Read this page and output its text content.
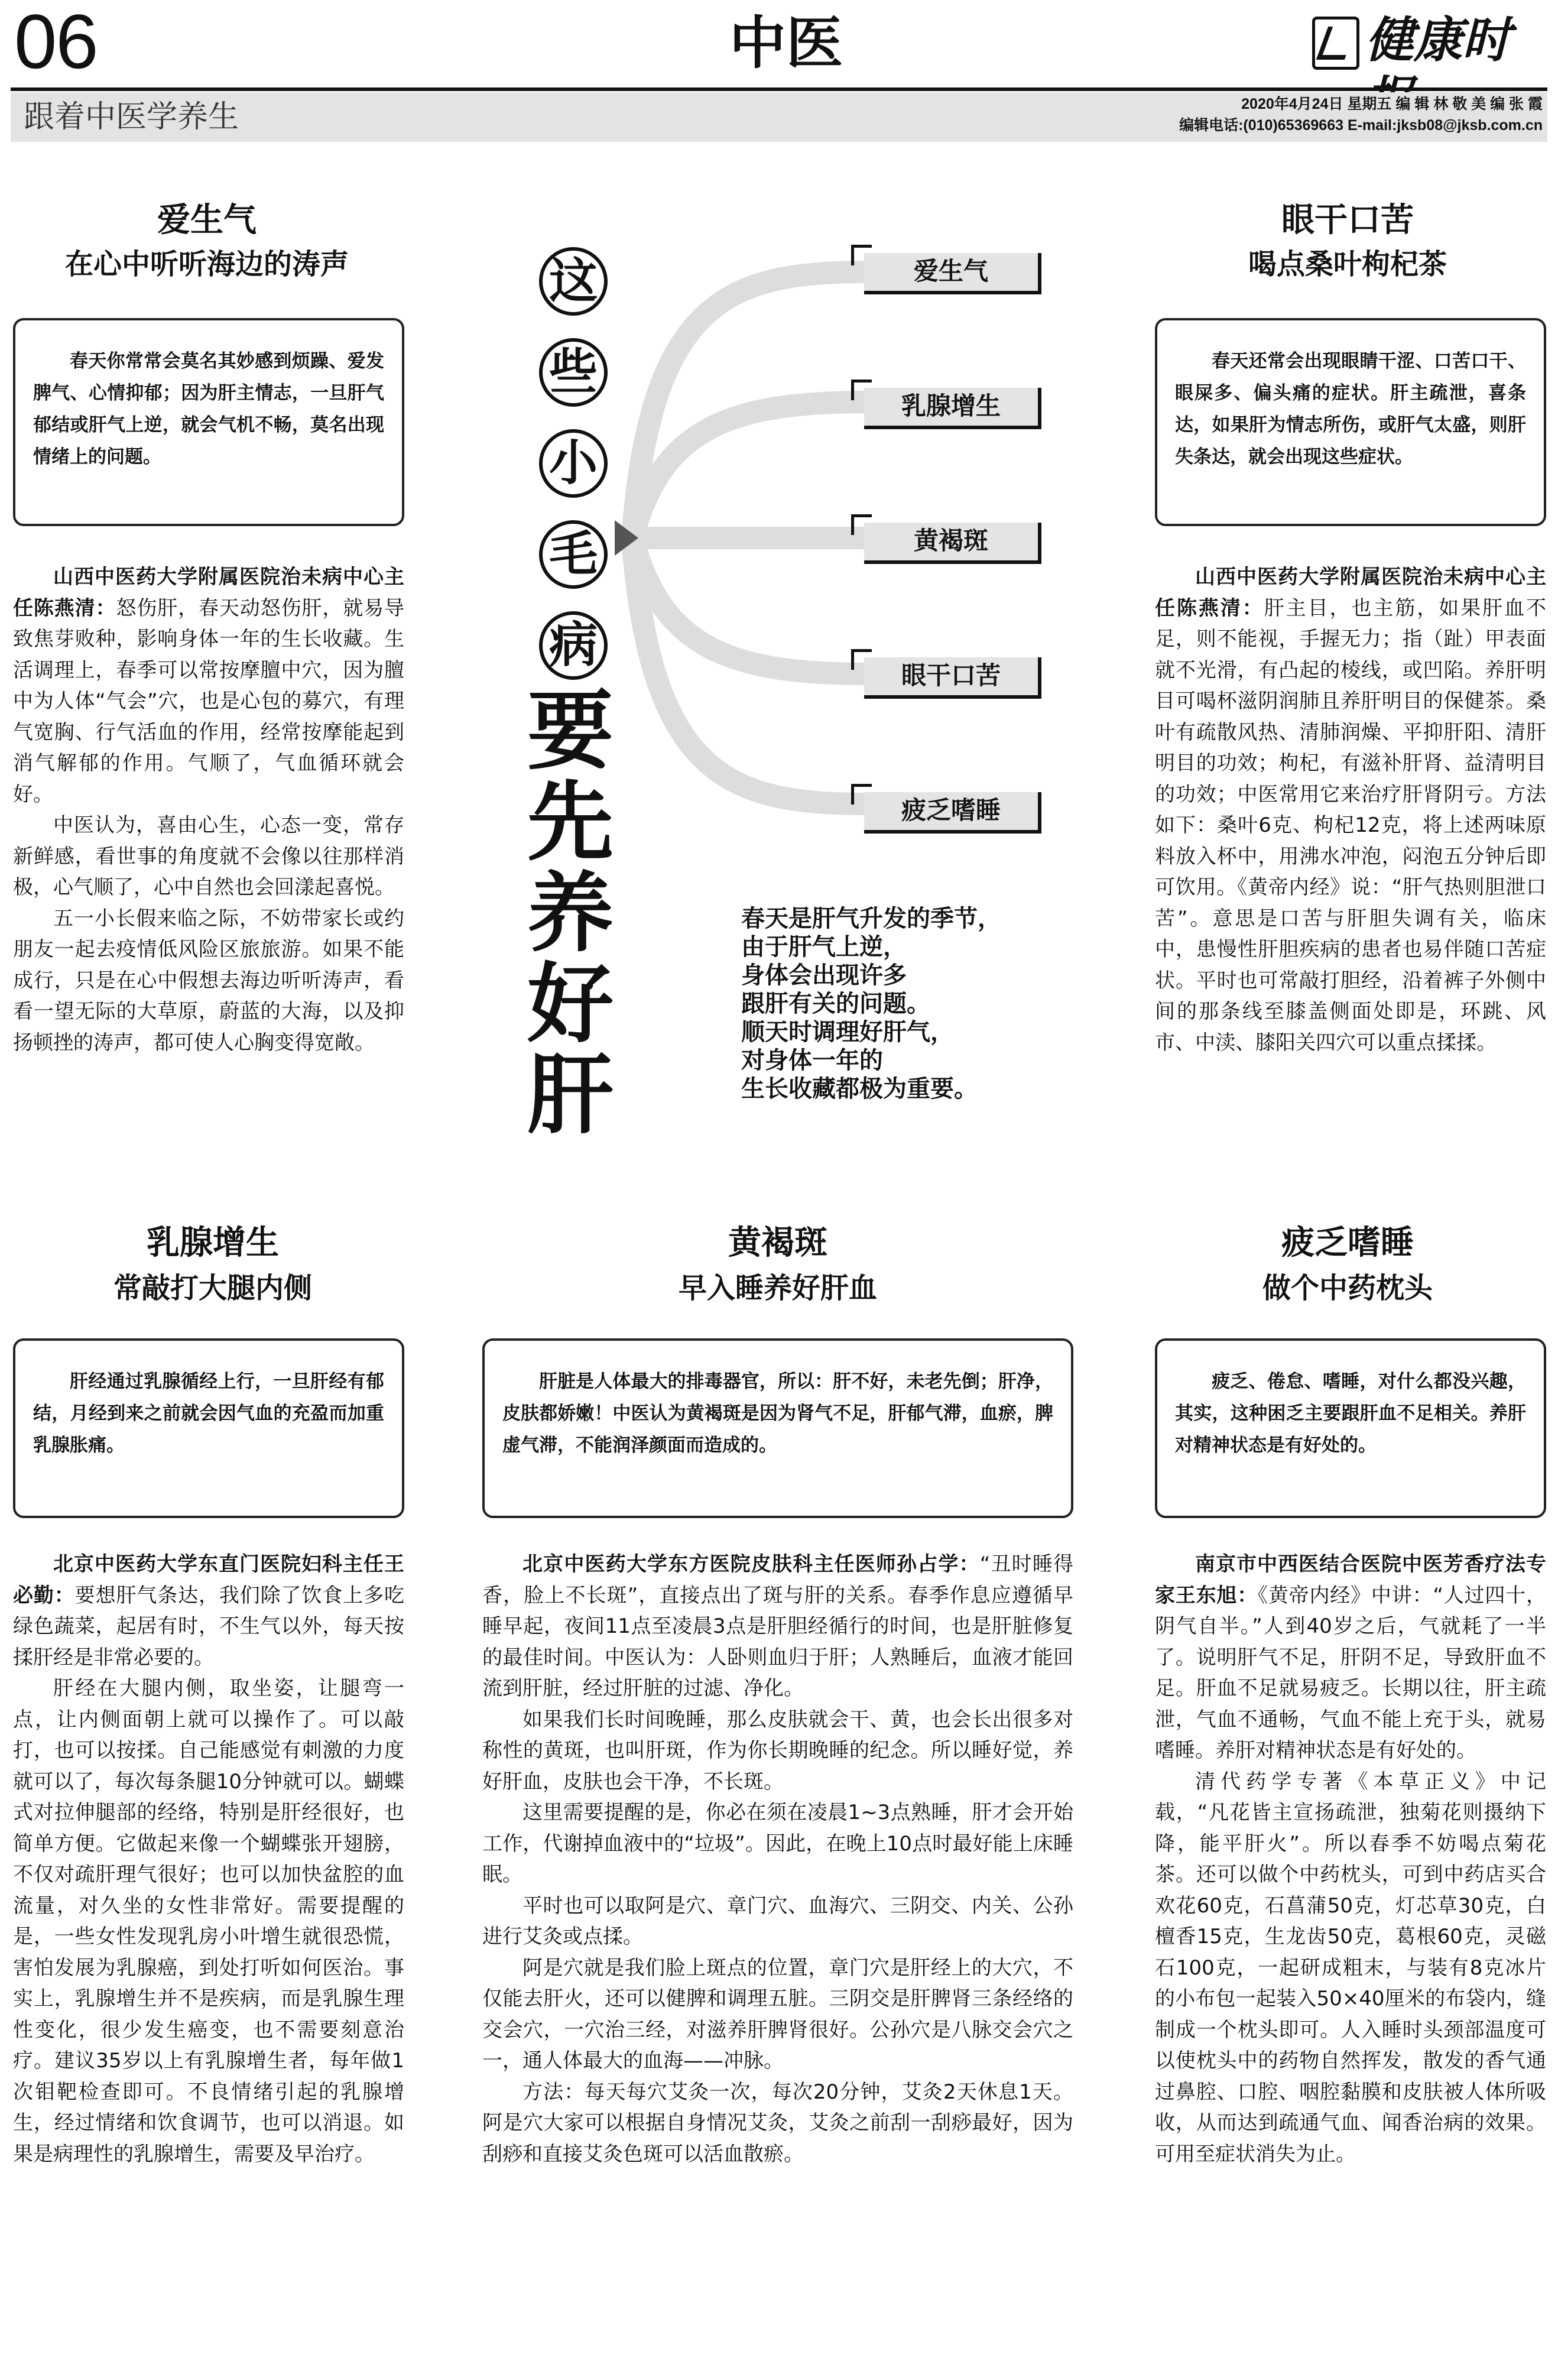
06	中医	健康时
跟着中医学养生	2020年4月24日 星期五 编 辑 林 敬 美 编 张 霞
编辑电话:(010)65369663 E-mail:jksb08@jksb.com.cn
爱生气
在心中听听海边的涛声
春天你常常会莫名其妙感到烦躁、爱发脾气、心情抑郁；因为肝主情志，一旦肝气郁结或肝气上逆，就会气机不畅，莫名出现情绪上的问题。

山西中医药大学附属医院治未病中心主任陈燕清：怒伤肝，春天动怒伤肝，就易导致焦芽败种，影响身体一年的生长收藏。生活调理上，春季可以常按摩膻中穴，因为膻中为人体“气会”穴，也是心包的募穴，有理气宽胸、行气活血的作用，经常按摩能起到消气解郁的作用。气顺了，气血循环就会好。

中医认为，喜由心生，心态一变，常存新鲜感，看世事的角度就不会像以往那样消极，心气顺了，心中自然也会回漾起喜悦。

五一小长假来临之际，不妨带家长或约朋友一起去疫情低风险区旅旅游。如果不能成行，只是在心中假想去海边听听涛声，看看一望无际的大草原，蔚蓝的大海，以及抑扬顿挫的涛声，都可使人心胸变得宽敞。

这
些
小
毛
病
要先养好肝
爱生气
乳腺增生
黄褐斑
眼干口苦
疲乏嗜睡
春天是肝气升发的季节，
由于肝气上逆，
身体会出现许多
跟肝有关的问题。
顺天时调理好肝气，
对身体一年的
生长收藏都极为重要。
眼干口苦
喝点桑叶枸杞茶
春天还常会出现眼睛干涩、口苦口干、眼屎多、偏头痛的症状。肝主疏泄，喜条达，如果肝为情志所伤，或肝气太盛，则肝失条达，就会出现这些症状。

山西中医药大学附属医院治未病中心主任陈燕清：肝主目，也主筋，如果肝血不足，则不能视，手握无力；指（趾）甲表面就不光滑，有凸起的棱线，或凹陷。养肝明目可喝杯滋阴润肺且养肝明目的保健茶。桑叶有疏散风热、清肺润燥、平抑肝阳、清肝明目的功效；枸杞，有滋补肝肾、益清明目的功效；中医常用它来治疗肝肾阴亏。方法如下：桑叶6克、枸杞12克，将上述两味原料放入杯中，用沸水冲泡，闷泡五分钟后即可饮用。《黄帝内经》说：“肝气热则胆泄口苦”。意思是口苦与肝胆失调有关，临床中，患慢性肝胆疾病的患者也易伴随口苦症状。平时也可常敲打胆经，沿着裤子外侧中间的那条线至膝盖侧面处即是，环跳、风市、中渎、膝阳关四穴可以重点揉揉。

乳腺增生
常敲打大腿内侧
肝经通过乳腺循经上行，一旦肝经有郁结，月经到来之前就会因气血的充盈而加重乳腺胀痛。

北京中医药大学东直门医院妇科主任王必勤：要想肝气条达，我们除了饮食上多吃绿色蔬菜，起居有时，不生气以外，每天按揉肝经是非常必要的。

肝经在大腿内侧，取坐姿，让腿弯一点，让内侧面朝上就可以操作了。可以敲打，也可以按揉。自己能感觉有刺激的力度就可以了，每次每条腿10分钟就可以。蝴蝶式对拉伸腿部的经络，特别是肝经很好，也简单方便。它做起来像一个蝴蝶张开翅膀，不仅对疏肝理气很好；也可以加快盆腔的血流量，对久坐的女性非常好。需要提醒的是，一些女性发现乳房小叶增生就很恐慌，害怕发展为乳腺癌，到处打听如何医治。事实上，乳腺增生并不是疾病，而是乳腺生理性变化，很少发生癌变，也不需要刻意治疗。建议35岁以上有乳腺增生者，每年做1次钼靶检查即可。不良情绪引起的乳腺增生，经过情绪和饮食调节，也可以消退。如果是病理性的乳腺增生，需要及早治疗。

黄褐斑
早入睡养好肝血
肝脏是人体最大的排毒器官，所以：肝不好，未老先倒；肝净，皮肤都娇嫩！中医认为黄褐斑是因为肾气不足，肝郁气滞，血瘀，脾虚气滞，不能润泽颜面而造成的。

北京中医药大学东方医院皮肤科主任医师孙占学：“丑时睡得香，脸上不长斑”，直接点出了斑与肝的关系。春季作息应遵循早睡早起，夜间11点至凌晨3点是肝胆经循行的时间，也是肝脏修复的最佳时间。中医认为：人卧则血归于肝；人熟睡后，血液才能回流到肝脏，经过肝脏的过滤、净化。

如果我们长时间晚睡，那么皮肤就会干、黄，也会长出很多对称性的黄斑，也叫肝斑，作为你长期晚睡的纪念。所以睡好觉，养好肝血，皮肤也会干净，不长斑。

这里需要提醒的是，你必在须在凌晨1~3点熟睡，肝才会开始工作，代谢掉血液中的“垃圾”。因此，在晚上10点时最好能上床睡眠。

平时也可以取阿是穴、章门穴、血海穴、三阴交、内关、公孙进行艾灸或点揉。

阿是穴就是我们脸上斑点的位置，章门穴是肝经上的大穴，不仅能去肝火，还可以健脾和调理五脏。三阴交是肝脾肾三条经络的交会穴，一穴治三经，对滋养肝脾肾很好。公孙穴是八脉交会穴之一，通人体最大的血海——冲脉。

方法：每天每穴艾灸一次，每次20分钟，艾灸2天休息1天。阿是穴大家可以根据自身情况艾灸，艾灸之前刮一刮痧最好，因为刮痧和直接艾灸色斑可以活血散瘀。

疲乏嗜睡
做个中药枕头
疲乏、倦怠、嗜睡，对什么都没兴趣，其实，这种困乏主要跟肝血不足相关。养肝对精神状态是有好处的。

南京市中西医结合医院中医芳香疗法专家王东旭：《黄帝内经》中讲：“人过四十，阴气自半。”人到40岁之后，气就耗了一半了。说明肝气不足，肝阴不足，导致肝血不足。肝血不足就易疲乏。长期以往，肝主疏泄，气血不通畅，气血不能上充于头，就易嗜睡。养肝对精神状态是有好处的。

清代药学专著《本草正义》中记载，“凡花皆主宣扬疏泄，独菊花则摄纳下降，能平肝火”。所以春季不妨喝点菊花茶。还可以做个中药枕头，可到中药店买合欢花60克，石菖蒲50克，灯芯草30克，白檀香15克，生龙齿50克，葛根60克，灵磁石100克，一起研成粗末，与装有8克冰片的小布包一起装入50×40厘米的布袋内，缝制成一个枕头即可。人入睡时头颈部温度可以使枕头中的药物自然挥发，散发的香气通过鼻腔、口腔、咽腔黏膜和皮肤被人体所吸收，从而达到疏通气血、闻香治病的效果。可用至症状消失为止。
